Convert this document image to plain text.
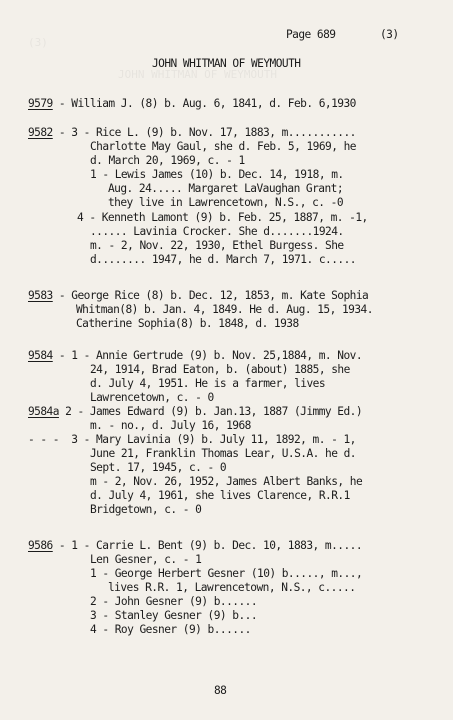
(3)
JOHN WHITMAN OF WEYMOUTH
Page 689	(3)
JOHN WHITMAN OF WEYMOUTH
9579 - William J. (8) b. Aug. 6, 1841, d. Feb. 6,1930
9582 - 3 - Rice L. (9) b. Nov. 17, 1883, m...........
Charlotte May Gaul, she d. Feb. 5, 1969, he
d. March 20, 1969, c. - 1
1 - Lewis James (10) b. Dec. 14, 1918, m.
Aug. 24..... Margaret LaVaughan Grant;
they live in Lawrencetown, N.S., c. -0
4 - Kenneth Lamont (9) b. Feb. 25, 1887, m. -1,
...... Lavinia Crocker. She d.......1924.
m. - 2, Nov. 22, 1930, Ethel Burgess. She
d........ 1947, he d. March 7, 1971. c.....
9583 - George Rice (8) b. Dec. 12, 1853, m. Kate Sophia
Whitman(8) b. Jan. 4, 1849. He d. Aug. 15, 1934.
Catherine Sophia(8) b. 1848, d. 1938
9584 - 1 - Annie Gertrude (9) b. Nov. 25,1884, m. Nov.
24, 1914, Brad Eaton, b. (about) 1885, she
d. July 4, 1951. He is a farmer, lives
Lawrencetown, c. - 0
9584a 2 - James Edward (9) b. Jan.13, 1887 (Jimmy Ed.)
m. - no., d. July 16, 1968
- - -  3 - Mary Lavinia (9) b. July 11, 1892, m. - 1,
June 21, Franklin Thomas Lear, U.S.A. he d.
Sept. 17, 1945, c. - 0
m - 2, Nov. 26, 1952, James Albert Banks, he
d. July 4, 1961, she lives Clarence, R.R.1
Bridgetown, c. - 0
9586 - 1 - Carrie L. Bent (9) b. Dec. 10, 1883, m.....
Len Gesner, c. - 1
1 - George Herbert Gesner (10) b....., m...,
lives R.R. 1, Lawrencetown, N.S., c.....
2 - John Gesner (9) b......
3 - Stanley Gesner (9) b...
4 - Roy Gesner (9) b......
88
